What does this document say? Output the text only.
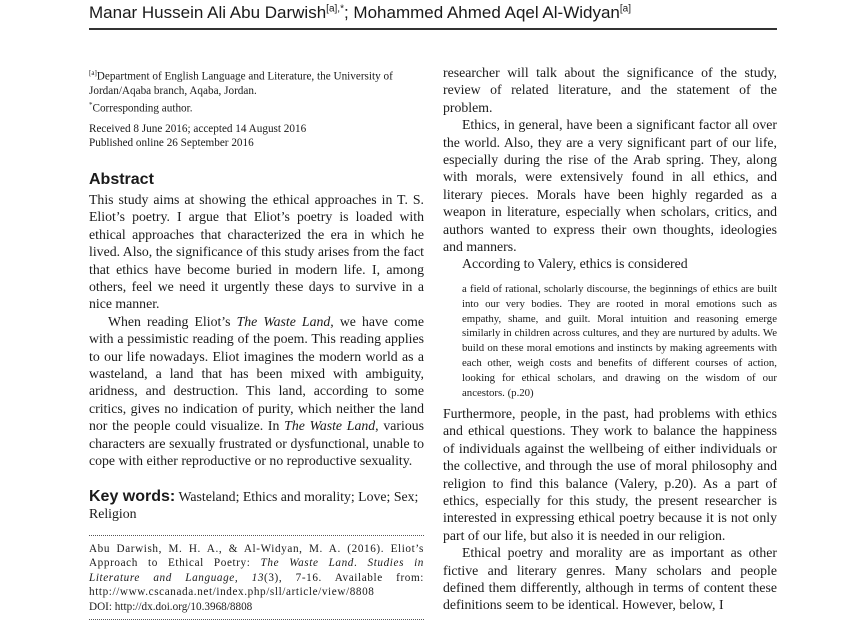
Manar Hussein Ali Abu Darwish$^{[a],*}$; Mohammed Ahmed Aqel Al-Widyan[a]
[a]Department of English Language and Literature, the University of Jordan/Aqaba branch, Aqaba, Jordan.
*Corresponding author.
Received 8 June 2016; accepted 14 August 2016
Published online 26 September 2016
Abstract

This study aims at showing the ethical approaches in T. S. Eliot’s poetry. I argue that Eliot’s poetry is loaded with ethical approaches that characterized the era in which he lived. Also, the significance of this study arises from the fact that ethics have become buried in modern life. I, among others, feel we need it urgently these days to survive in a nice manner.

When reading Eliot’s The Waste Land, we have come with a pessimistic reading of the poem. This reading applies to our life nowadays. Eliot imagines the modern world as a wasteland, a land that has been mixed with ambiguity, aridness, and destruction. This land, according to some critics, gives no indication of purity, which neither the land nor the people could visualize. In The Waste Land, various characters are sexually frustrated or dysfunctional, unable to cope with either reproductive or no reproductive sexuality.

Key words: Wasteland; Ethics and morality; Love; Sex; Religion
Abu Darwish, M. H. A., & Al-Widyan, M. A. (2016). Eliot’s Approach to Ethical Poetry: The Waste Land. Studies in Literature and Language, 13(3), 7-16. Available from: http://www.cscanada.net/index.php/sll/article/view/8808
DOI: http://dx.doi.org/10.3968/8808

researcher will talk about the significance of the study, review of related literature, and the statement of the problem.

Ethics, in general, have been a significant factor all over the world. Also, they are a very significant part of our life, especially during the rise of the Arab spring. They, along with morals, were extensively found in all ethics, and literary pieces. Morals have been highly regarded as a weapon in literature, especially when scholars, critics, and authors wanted to express their own thoughts, ideologies and manners.

According to Valery, ethics is considered

a field of rational, scholarly discourse, the beginnings of ethics are built into our very bodies. They are rooted in moral emotions such as empathy, shame, and guilt. Moral intuition and reasoning emerge similarly in children across cultures, and they are nurtured by adults. We build on these moral emotions and instincts by making agreements with each other, weigh costs and benefits of different courses of action, looking for ethical scholars, and drawing on the wisdom of our ancestors. (p.20)

Furthermore, people, in the past, had problems with ethics and ethical questions. They work to balance the happiness of individuals against the wellbeing of either individuals or the collective, and through the use of moral philosophy and religion to find this balance (Valery, p.20). As a part of ethics, especially for this study, the present researcher is interested in expressing ethical poetry because it is not only part of our life, but also it is needed in our religion.

Ethical poetry and morality are as important as other fictive and literary genres. Many scholars and people defined them differently, although in terms of content these definitions seem to be identical. However, below, I
